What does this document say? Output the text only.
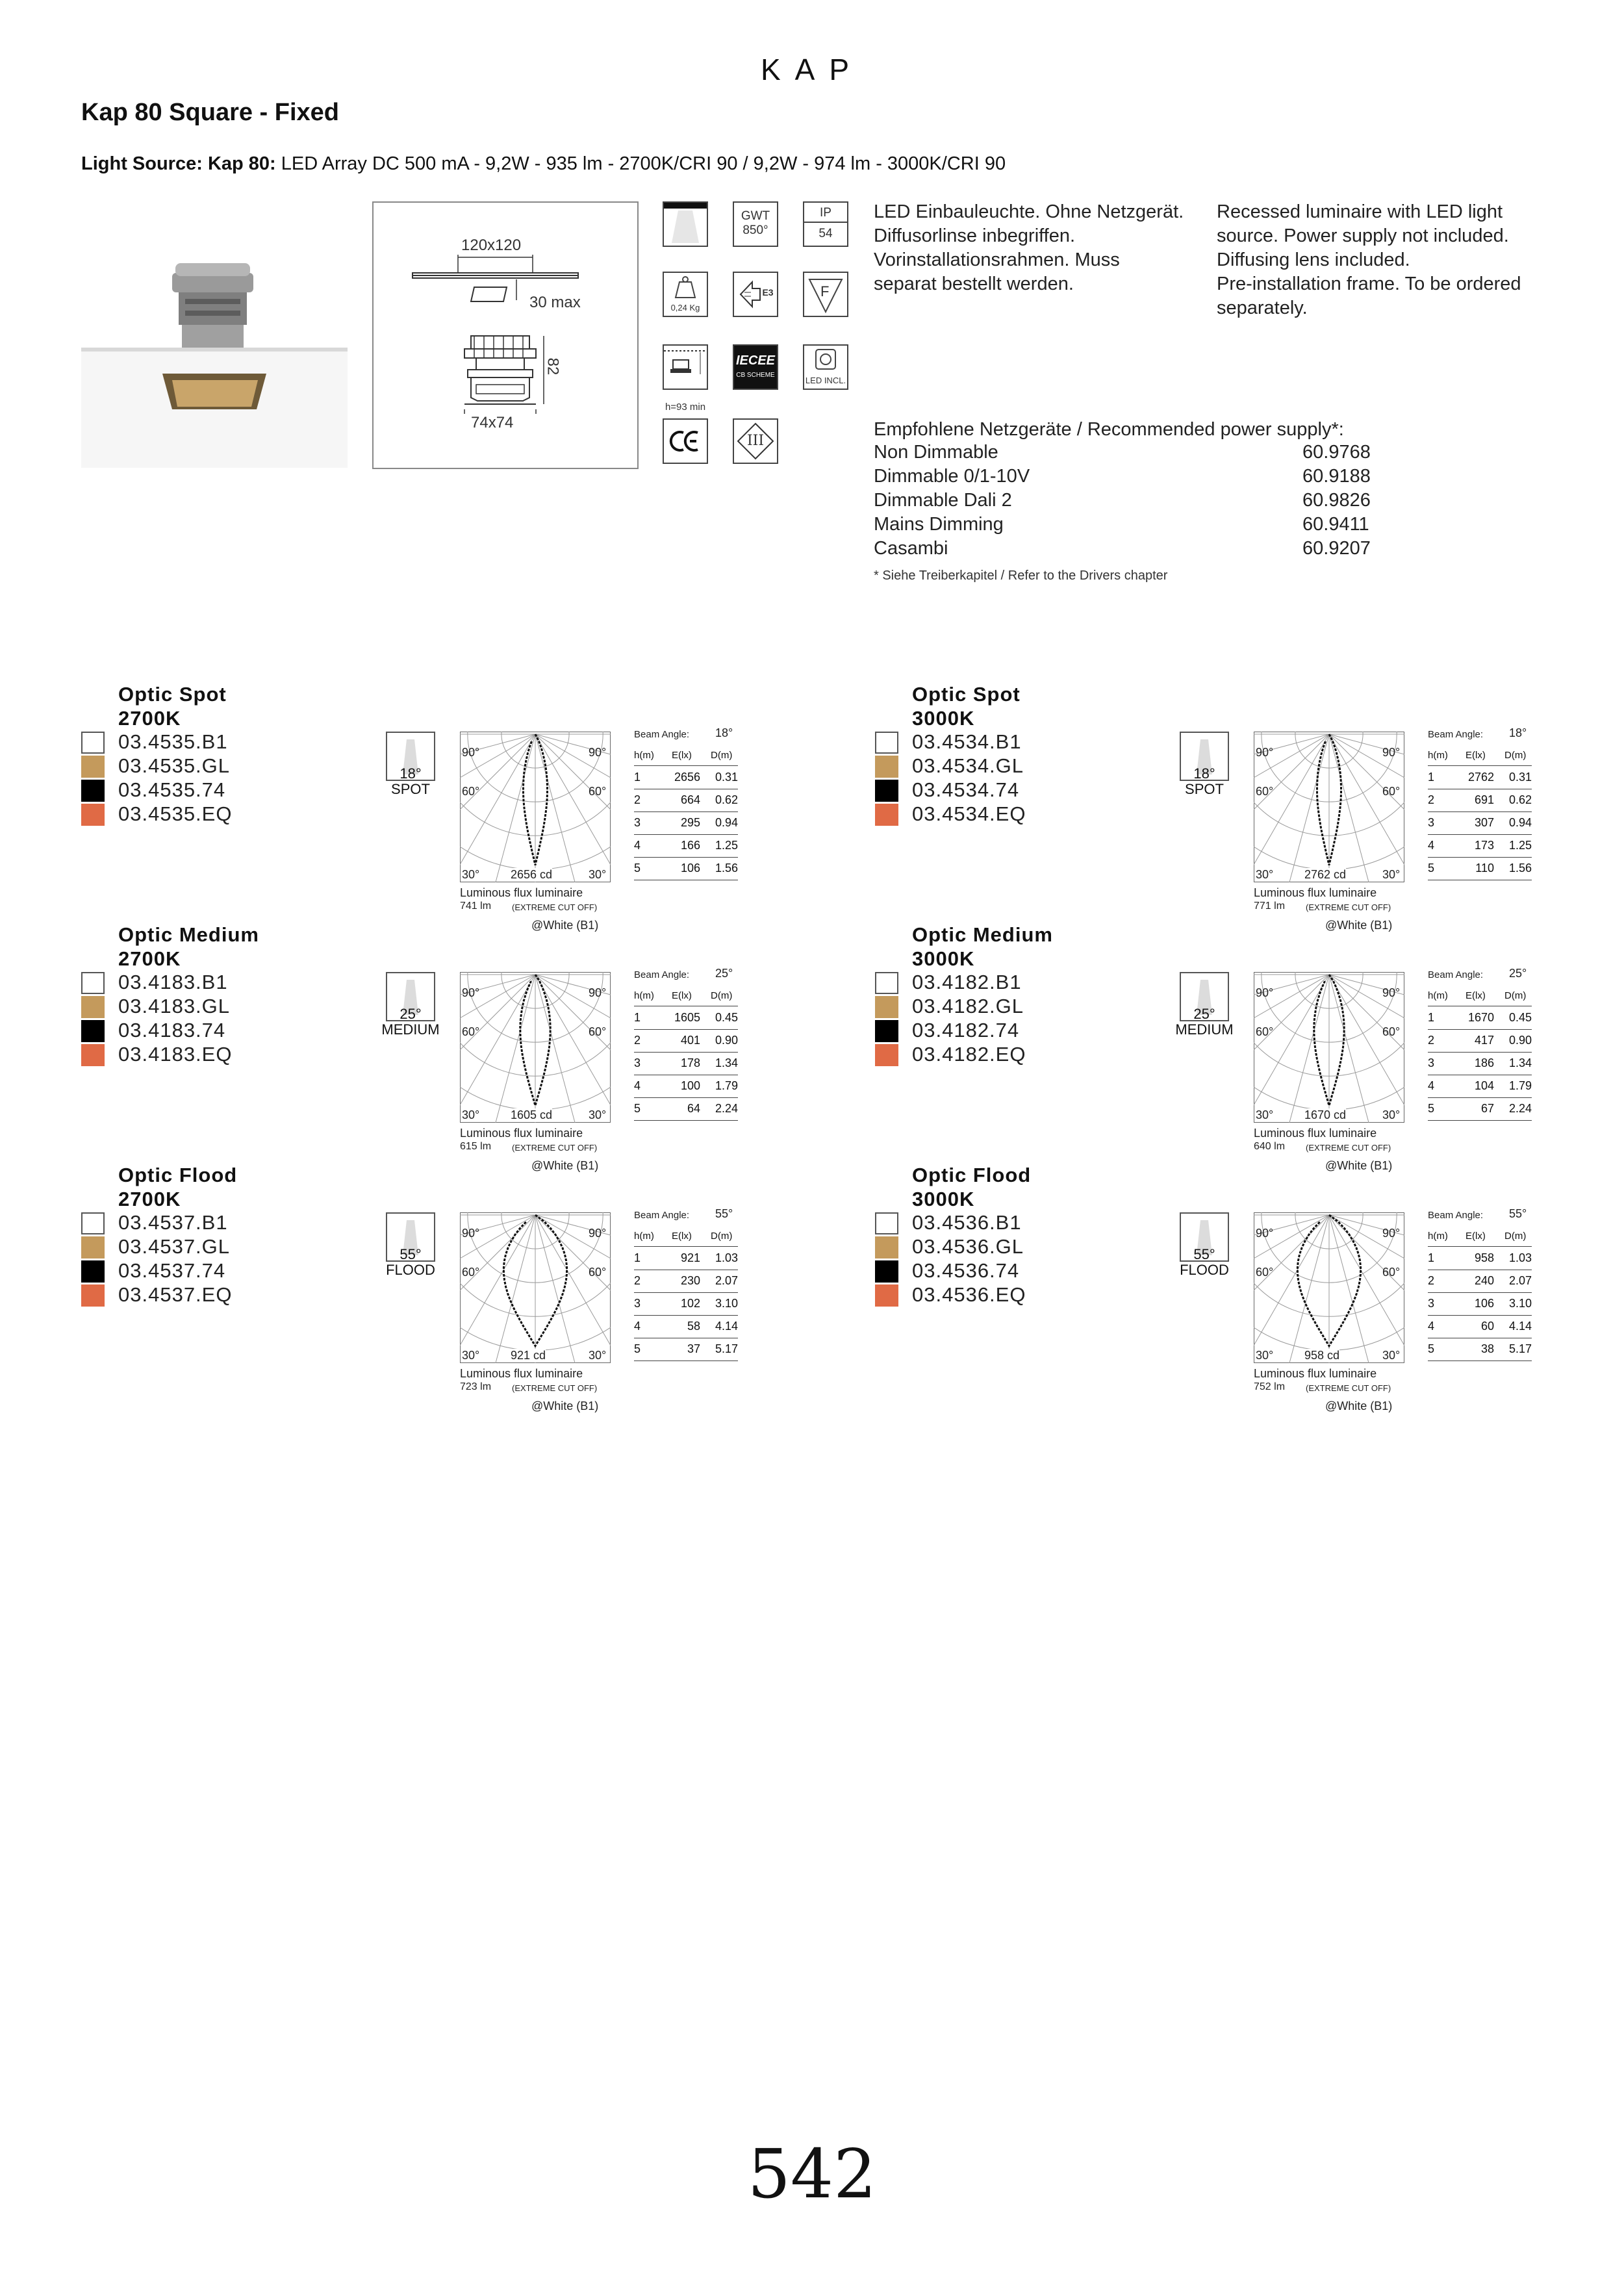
KAP
Kap 80 Square - Fixed
Light Source: Kap 80: LED Array DC 500 mA - 9,2W - 935 lm - 2700K/CRI 90 / 9,2W - 974 lm - 3000K/CRI 90
120x120
30 max
82
74x74
GWT
850°
IP
54
0,24 Kg
E3	F
h=93 min
IECEE
CB SCHEME
LED INCL.
III
LED Einbauleuchte. Ohne Netzgerät.
Diffusorlinse inbegriffen.
Vorinstallationsrahmen. Muss
separat bestellt werden.
Recessed luminaire with LED light
source. Power supply not included.
Diffusing lens included.
Pre-installation frame. To be ordered
separately.
Empfohlene Netzgeräte / Recommended power supply*:
Non Dimmable	60.9768
Dimmable 0/1-10V	60.9188
Dimmable Dali 2	60.9826
Mains Dimming	60.9411
Casambi	60.9207
* Siehe Treiberkapitel / Refer to the Drivers chapter
Optic Spot
2700K
03.4535.B1
03.4535.GL
03.4535.74
03.4535.EQ
18°
SPOT
90°	90°
60°	60°
30°	30°
2656 cd
Luminous flux luminaire
741 lm (EXTREME CUT OFF)
@White (B1)
Beam Angle: 18°
h(m) E(lx) D(m)
1	2656 0.31
2	664 0.62
3	295 0.94
4	166 1.25
5	106 1.56
Optic Spot
3000K
03.4534.B1
03.4534.GL
03.4534.74
03.4534.EQ
18°
SPOT
90°	90°
60°	60°
30°	30°
2762 cd
Luminous flux luminaire
771 lm (EXTREME CUT OFF)
@White (B1)
Beam Angle: 18°
h(m) E(lx) D(m)
1	2762 0.31
2	691 0.62
3	307 0.94
4	173 1.25
5	110 1.56
Optic Medium
2700K
03.4183.B1
03.4183.GL
03.4183.74
03.4183.EQ
25°
MEDIUM
90°	90°
60°	60°
30°	30°
1605 cd
Luminous flux luminaire
615 lm (EXTREME CUT OFF)
@White (B1)
Beam Angle: 25°
h(m) E(lx) D(m)
1	1605 0.45
2	401 0.90
3	178 1.34
4	100 1.79
5	64 2.24
Optic Medium
3000K
03.4182.B1
03.4182.GL
03.4182.74
03.4182.EQ
25°
MEDIUM
90°	90°
60°	60°
30°	30°
1670 cd
Luminous flux luminaire
640 lm (EXTREME CUT OFF)
@White (B1)
Beam Angle: 25°
h(m) E(lx) D(m)
1	1670 0.45
2	417 0.90
3	186 1.34
4	104 1.79
5	67 2.24
Optic Flood
2700K
03.4537.B1
03.4537.GL
03.4537.74
03.4537.EQ
55°
FLOOD
90°	90°
60°	60°
30°	30°
921 cd
Luminous flux luminaire
723 lm (EXTREME CUT OFF)
@White (B1)
Beam Angle: 55°
h(m) E(lx) D(m)
1	921 1.03
2	230 2.07
3	102 3.10
4	58 4.14
5	37 5.17
Optic Flood
3000K
03.4536.B1
03.4536.GL
03.4536.74
03.4536.EQ
55°
FLOOD
90°	90°
60°	60°
30°	30°
958 cd
Luminous flux luminaire
752 lm (EXTREME CUT OFF)
@White (B1)
Beam Angle: 55°
h(m) E(lx) D(m)
1	958 1.03
2	240 2.07
3	106 3.10
4	60 4.14
5	38 5.17
542
